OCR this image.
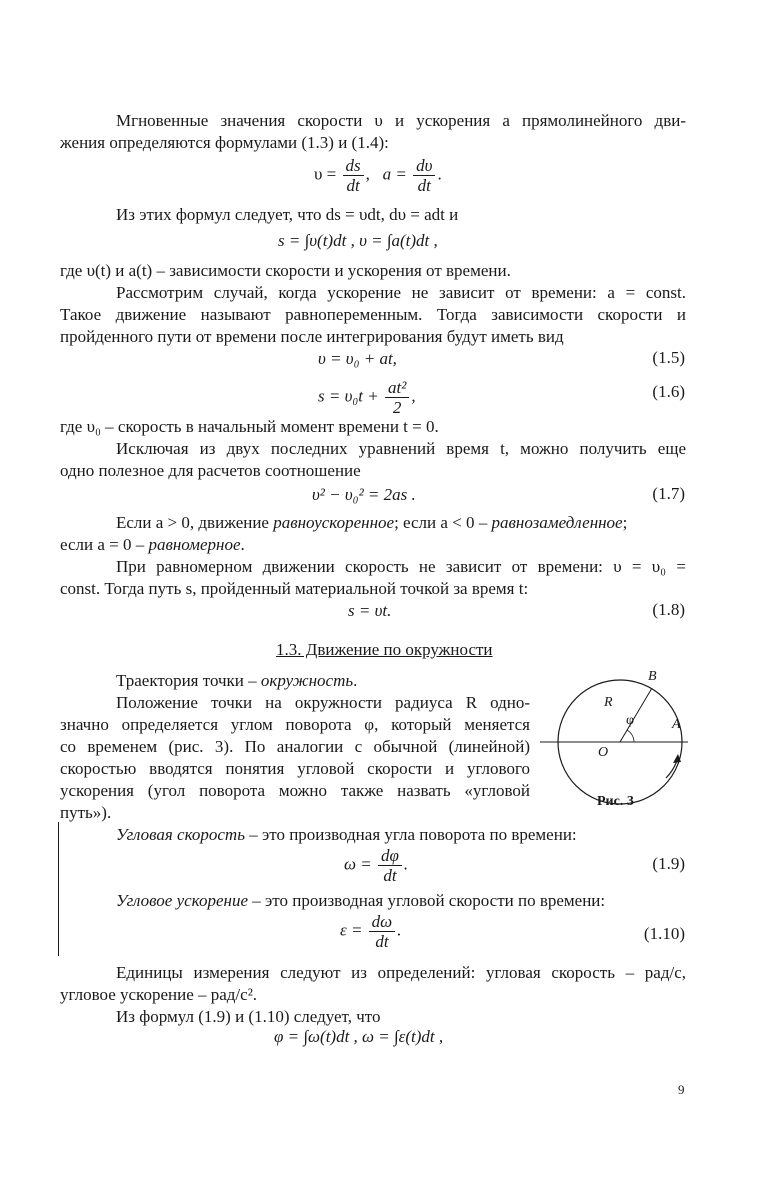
Мгновенные значения скорости υ и ускорения a прямолинейного дви-
жения определяются формулами (1.3) и (1.4):
$\upsilon = \frac{ds}{dt}$ , $a = \frac{d\upsilon}{dt}$ .
Из этих формул следует, что ds = υdt, dυ = adt и
s = ∫υ(t)dt , υ = ∫a(t)dt ,
где υ(t) и a(t) – зависимости скорости и ускорения от времени.
Рассмотрим случай, когда ускорение не зависит от времени: a = const.
Такое движение называют равнопеременным. Тогда зависимости скорости и
пройденного пути от времени после интегрирования будут иметь вид
υ = υ₀ + at,	(1.5)
$s = \upsilon_0t + \frac{\text{at²}}{2}$ ,	(1.6)
где υ₀ – скорость в начальный момент времени t = 0.
Исключая из двух последних уравнений время t, можно получить еще
одно полезное для расчетов соотношение
υ² − υ₀² = 2as .	(1.7)
Если a > 0, движение равноускоренное; если a < 0 – равнозамедленное;
если a = 0 – равномерное.
При равномерном движении скорость не зависит от времени: υ = υ₀ =
const. Тогда путь s, пройденный материальной точкой за время t:
s = υt.	(1.8)
1.3. Движение по окружности
Траектория точки – окружность.
Положение точки на окружности радиуса R одно-
значно определяется углом поворота φ, который меняется
со временем (рис. 3). По аналогии с обычной (линейной)
скоростью вводятся понятия угловой скорости и углового
ускорения (угол поворота можно также назвать «угловой
путь»).
B
R
φ	A
O
Рис. 3
Угловая скорость – это производная угла поворота по времени:
$\omega = \frac{d\varphi}{dt}$ .	(1.9)
Угловое ускорение – это производная угловой скорости по времени:
$\varepsilon = \frac{d\omega}{dt}$ .	(1.10)
Единицы измерения следуют из определений: угловая скорость – рад/с,
угловое ускорение – рад/с².
Из формул (1.9) и (1.10) следует, что
φ = ∫ω(t)dt , ω = ∫ε(t)dt ,
9
